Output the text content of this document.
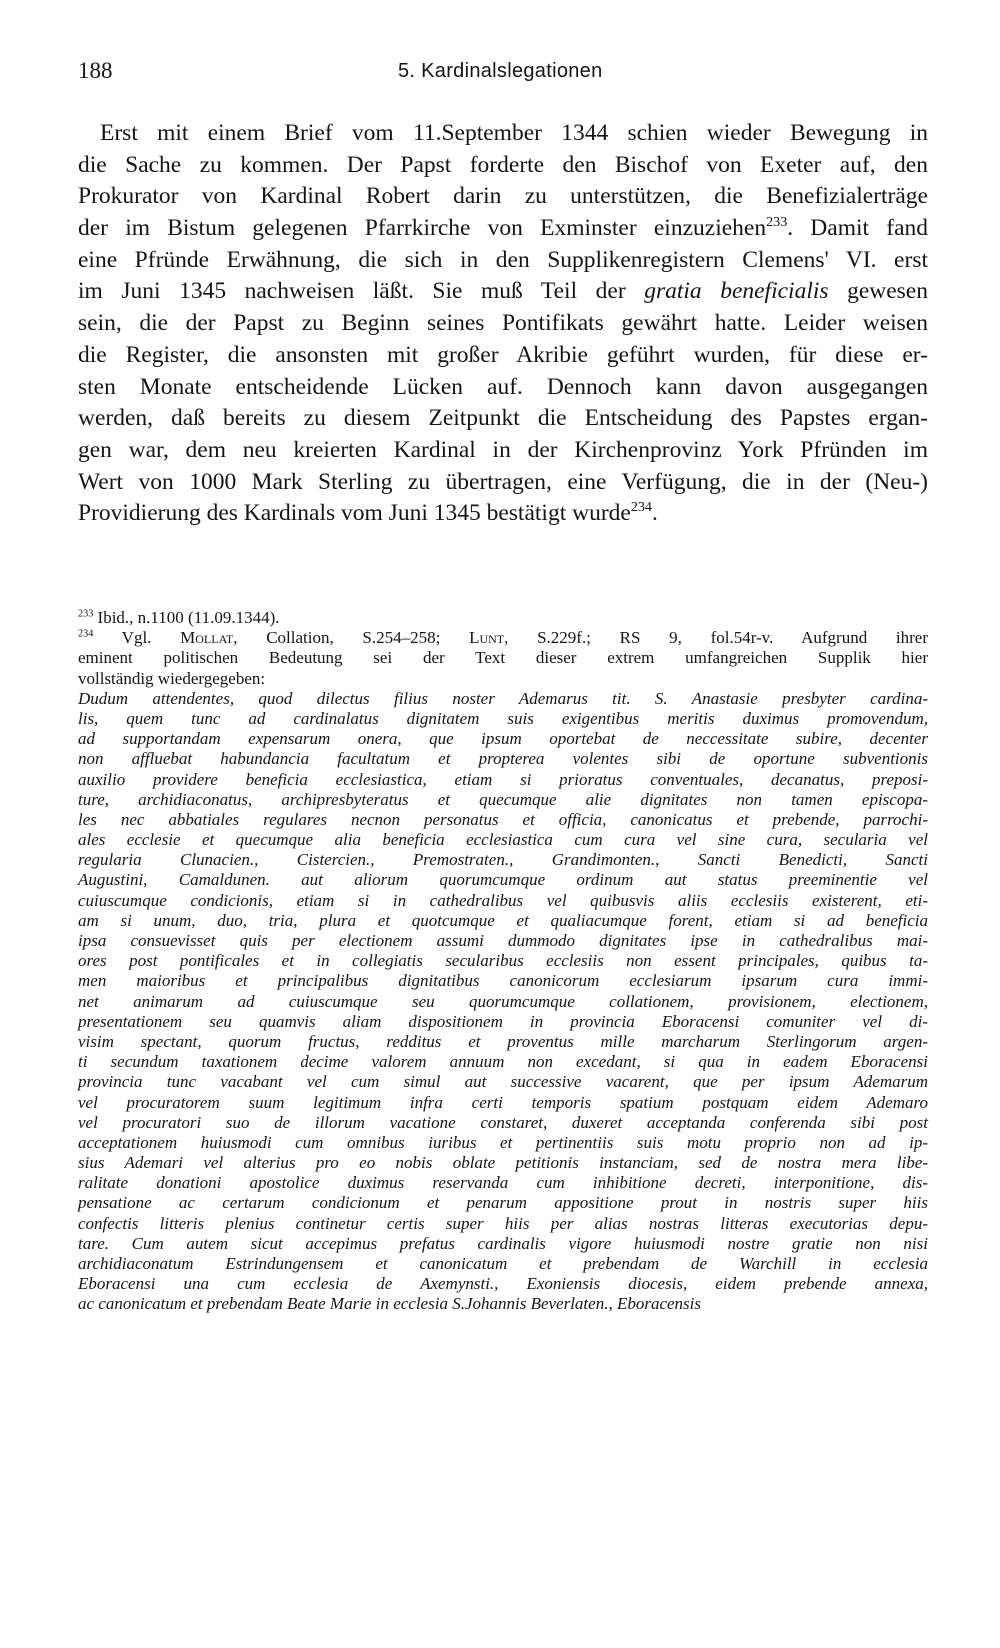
188	5. Kardinalslegationen
Erst mit einem Brief vom 11.September 1344 schien wieder Bewegung in
die Sache zu kommen. Der Papst forderte den Bischof von Exeter auf, den
Prokurator von Kardinal Robert darin zu unterstützen, die Benefizialerträge
der im Bistum gelegenen Pfarrkirche von Exminster einzuziehen$^{233}$. Damit fand
eine Pfründe Erwähnung, die sich in den Supplikenregistern Clemens' VI. erst
im Juni 1345 nachweisen läßt. Sie muß Teil der gratia beneficialis gewesen
sein, die der Papst zu Beginn seines Pontifikats gewährt hatte. Leider weisen
die Register, die ansonsten mit großer Akribie geführt wurden, für diese er-
sten Monate entscheidende Lücken auf. Dennoch kann davon ausgegangen
werden, daß bereits zu diesem Zeitpunkt die Entscheidung des Papstes ergan-
gen war, dem neu kreierten Kardinal in der Kirchenprovinz York Pfründen im
Wert von 1000 Mark Sterling zu übertragen, eine Verfügung, die in der (Neu-)
Providierung des Kardinals vom Juni 1345 bestätigt wurde$^{234}$.
$^{233}$ Ibid., n.1100 (11.09.1344).
$^{234}$ Vgl. Mollat, Collation, S.254–258; Lunt, S.229f.; RS 9, fol.54r-v. Aufgrund ihrer
eminent politischen Bedeutung sei der Text dieser extrem umfangreichen Supplik hier
vollständig wiedergegeben:
Dudum attendentes, quod dilectus filius noster Ademarus tit. S. Anastasie presbyter cardina-
lis, quem tunc ad cardinalatus dignitatem suis exigentibus meritis duximus promovendum,
ad supportandam expensarum onera, que ipsum oportebat de neccessitate subire, decenter
non affluebat habundancia facultatum et propterea volentes sibi de oportune subventionis
auxilio providere beneficia ecclesiastica, etiam si prioratus conventuales, decanatus, preposi-
ture, archidiaconatus, archipresbyteratus et quecumque alie dignitates non tamen episcopa-
les nec abbatiales regulares necnon personatus et officia, canonicatus et prebende, parrochi-
ales ecclesie et quecumque alia beneficia ecclesiastica cum cura vel sine cura, secularia vel
regularia Clunacien., Cistercien., Premostraten., Grandimonten., Sancti Benedicti, Sancti
Augustini, Camaldunen. aut aliorum quorumcumque ordinum aut status preeminentie vel
cuiuscumque condicionis, etiam si in cathedralibus vel quibusvis aliis ecclesiis existerent, eti-
am si unum, duo, tria, plura et quotcumque et qualiacumque forent, etiam si ad beneficia
ipsa consuevisset quis per electionem assumi dummodo dignitates ipse in cathedralibus mai-
ores post pontificales et in collegiatis secularibus ecclesiis non essent principales, quibus ta-
men maioribus et principalibus dignitatibus canonicorum ecclesiarum ipsarum cura immi-
net animarum ad cuiuscumque seu quorumcumque collationem, provisionem, electionem,
presentationem seu quamvis aliam dispositionem in provincia Eboracensi comuniter vel di-
visim spectant, quorum fructus, redditus et proventus mille marcharum Sterlingorum argen-
ti secundum taxationem decime valorem annuum non excedant, si qua in eadem Eboracensi
provincia tunc vacabant vel cum simul aut successive vacarent, que per ipsum Ademarum
vel procuratorem suum legitimum infra certi temporis spatium postquam eidem Ademaro
vel procuratori suo de illorum vacatione constaret, duxeret acceptanda conferenda sibi post
acceptationem huiusmodi cum omnibus iuribus et pertinentiis suis motu proprio non ad ip-
sius Ademari vel alterius pro eo nobis oblate petitionis instanciam, sed de nostra mera libe-
ralitate donationi apostolice duximus reservanda cum inhibitione decreti, interponitione, dis-
pensatione ac certarum condicionum et penarum appositione prout in nostris super hiis
confectis litteris plenius continetur certis super hiis per alias nostras litteras executorias depu-
tare. Cum autem sicut accepimus prefatus cardinalis vigore huiusmodi nostre gratie non nisi
archidiaconatum Estrindungensem et canonicatum et prebendam de Warchill in ecclesia
Eboracensi una cum ecclesia de Axemynsti., Exoniensis diocesis, eidem prebende annexa,
ac canonicatum et prebendam Beate Marie in ecclesia S.Johannis Beverlaten., Eboracensis
